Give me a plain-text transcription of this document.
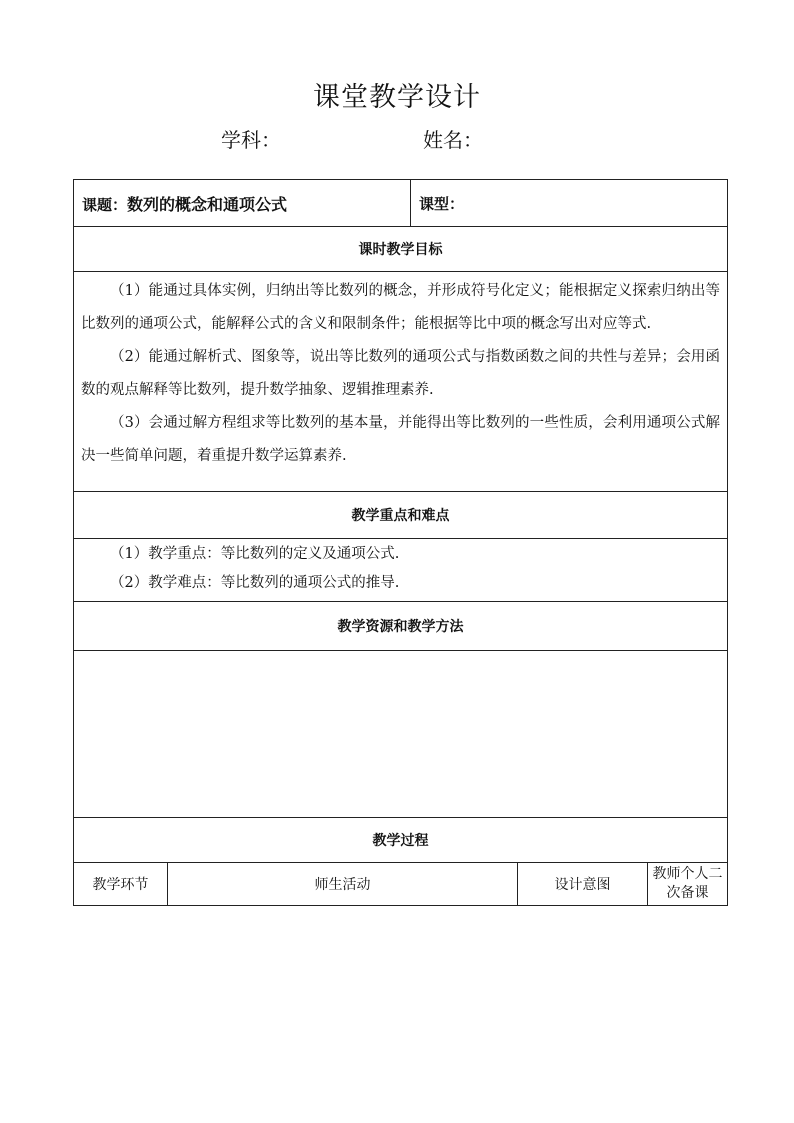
课堂教学设计
学科：	姓名：
课题：数列的概念和通项公式		课型：		
课时教学目标				

（1）能通过具体实例，归纳出等比数列的概念，并形成符号化定义；能根据定义探索归纳出等比数列的通项公式，能解释公式的含义和限制条件；能根据等比中项的概念写出对应等式.

（2）能通过解析式、图象等，说出等比数列的通项公式与指数函数之间的共性与差异；会用函数的观点解释等比数列，提升数学抽象、逻辑推理素养.

（3）会通过解方程组求等比数列的基本量，并能得出等比数列的一些性质，会利用通项公式解决一些简单问题，着重提升数学运算素养.				

教学重点和难点				

（1）教学重点：等比数列的定义及通项公式.

（2）教学难点：等比数列的通项公式的推导.				

教学资源和教学方法				

教学过程				
教学环节	师生活动		设计意图	教师个人二次备课
